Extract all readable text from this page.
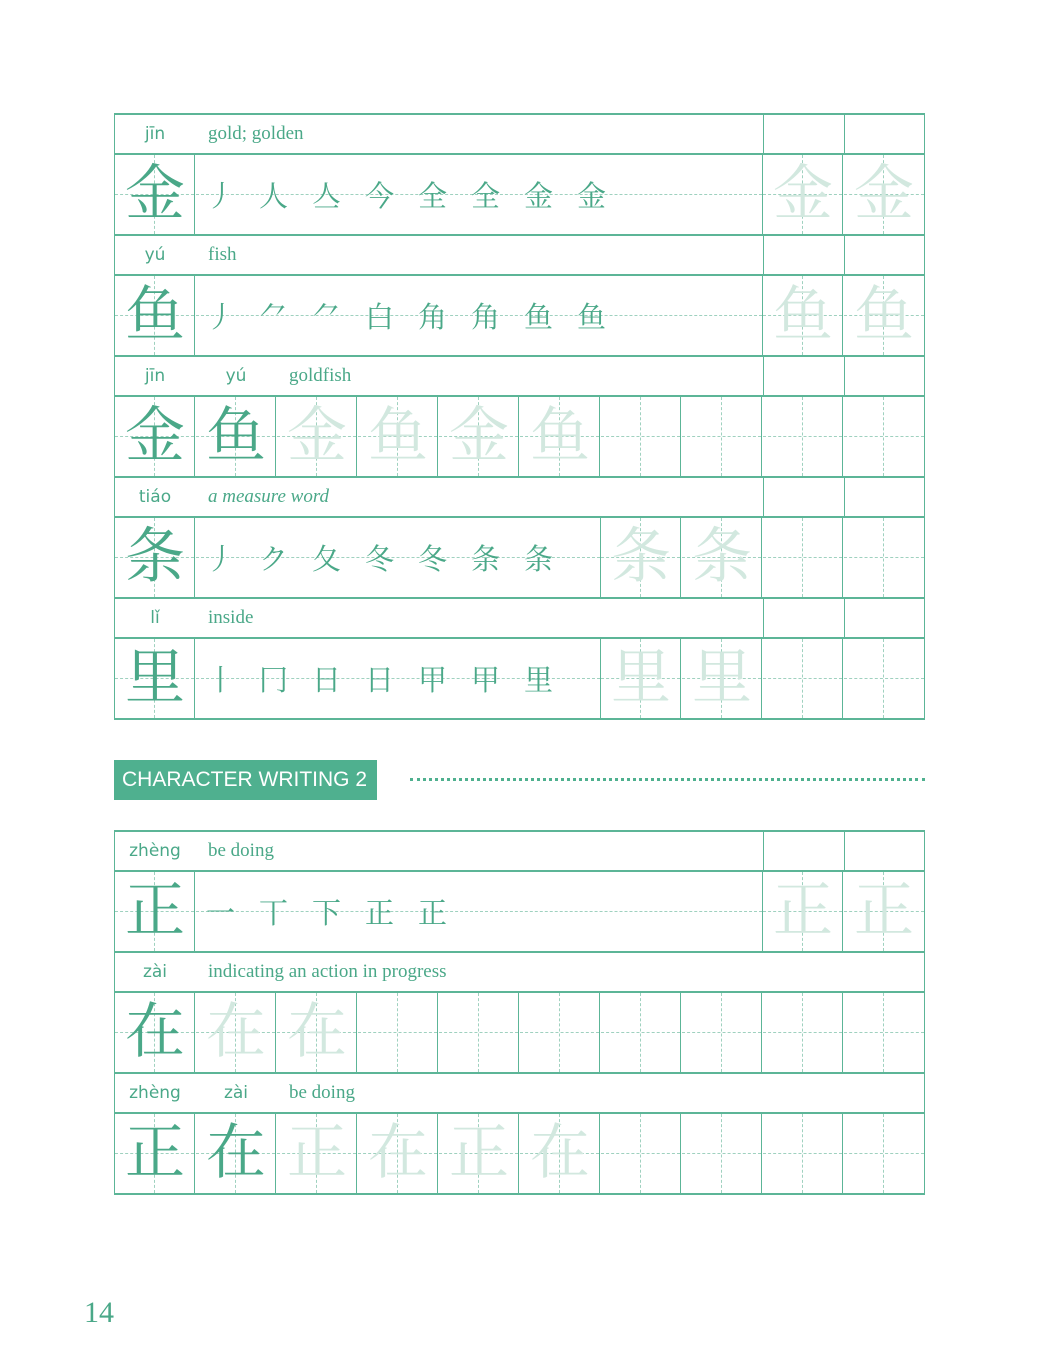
jīn	gold; golden
金 丿 人 亼 今 全 全 金 金	金 金
yú	fish
鱼 丿 ⺈ ⺈ 白 角 角 鱼 鱼	鱼 鱼
jīn	yú	goldfish
金 鱼 金 鱼 金 鱼
tiáo	a measure word
条 丿 ク 夂 冬 冬 条 条 条 条
lǐ	inside
里 丨 冂 日 日 甲 甲 里 里 里
CHARACTER WRITING 2
zhèng	be doing
正 一 丅 下 正 正	正 正
zài	indicating an action in progress
在 在 在
zhèng	zài	be doing
正 在 正 在 正 在
14
